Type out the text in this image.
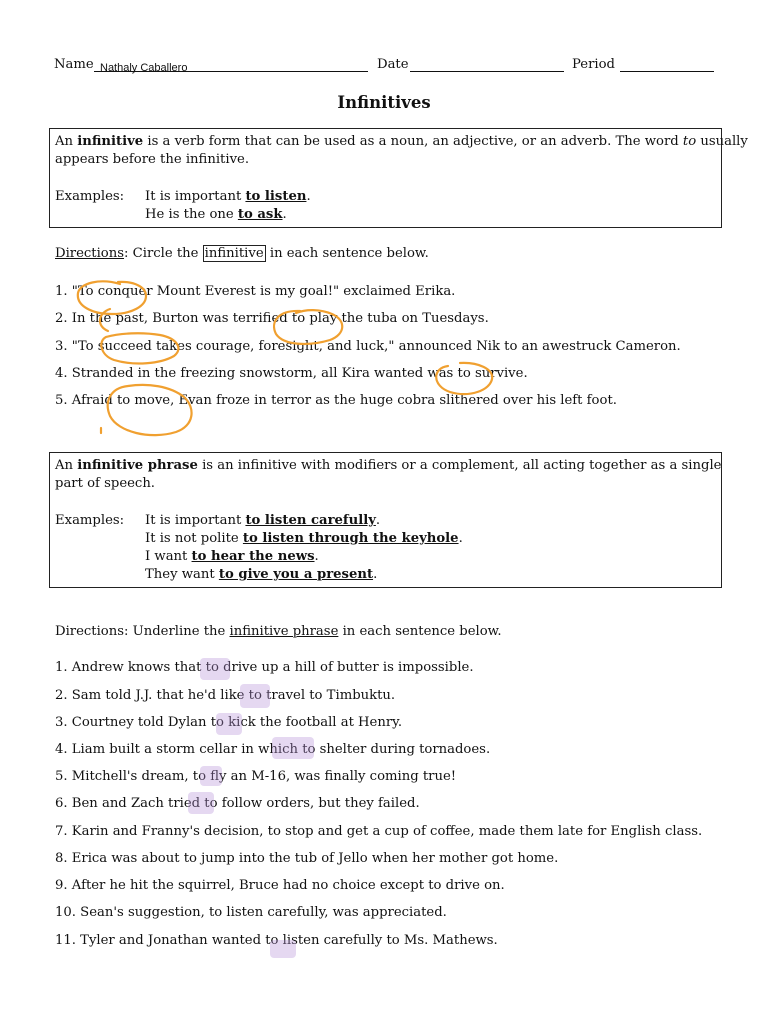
Name Nathaly Caballero	Date	Period
Infinitives
An infinitive is a verb form that can be used as a noun, an adjective, or an adverb. The word to usually
appears before the infinitive.
Examples: It is important to listen.
He is the one to ask.
Directions: Circle the infinitive in each sentence below.
1. "To conquer Mount Everest is my goal!" exclaimed Erika.
2. In the past, Burton was terrified to play the tuba on Tuesdays.
3. "To succeed takes courage, foresight, and luck," announced Nik to an awestruck Cameron.
4. Stranded in the freezing snowstorm, all Kira wanted was to survive.
5. Afraid to move, Evan froze in terror as the huge cobra slithered over his left foot.
An infinitive phrase is an infinitive with modifiers or a complement, all acting together as a single
part of speech.
Examples: It is important to listen carefully.
It is not polite to listen through the keyhole.
I want to hear the news.
They want to give you a present.
Directions: Underline the infinitive phrase in each sentence below.
1. Andrew knows that to drive up a hill of butter is impossible.
2. Sam told J.J. that he'd like to travel to Timbuktu.
3. Courtney told Dylan to kick the football at Henry.
4. Liam built a storm cellar in which to shelter during tornadoes.
5. Mitchell's dream, to fly an M-16, was finally coming true!
6. Ben and Zach tried to follow orders, but they failed.
7. Karin and Franny's decision, to stop and get a cup of coffee, made them late for English class.
8. Erica was about to jump into the tub of Jello when her mother got home.
9. After he hit the squirrel, Bruce had no choice except to drive on.
10. Sean's suggestion, to listen carefully, was appreciated.
11. Tyler and Jonathan wanted to listen carefully to Ms. Mathews.
